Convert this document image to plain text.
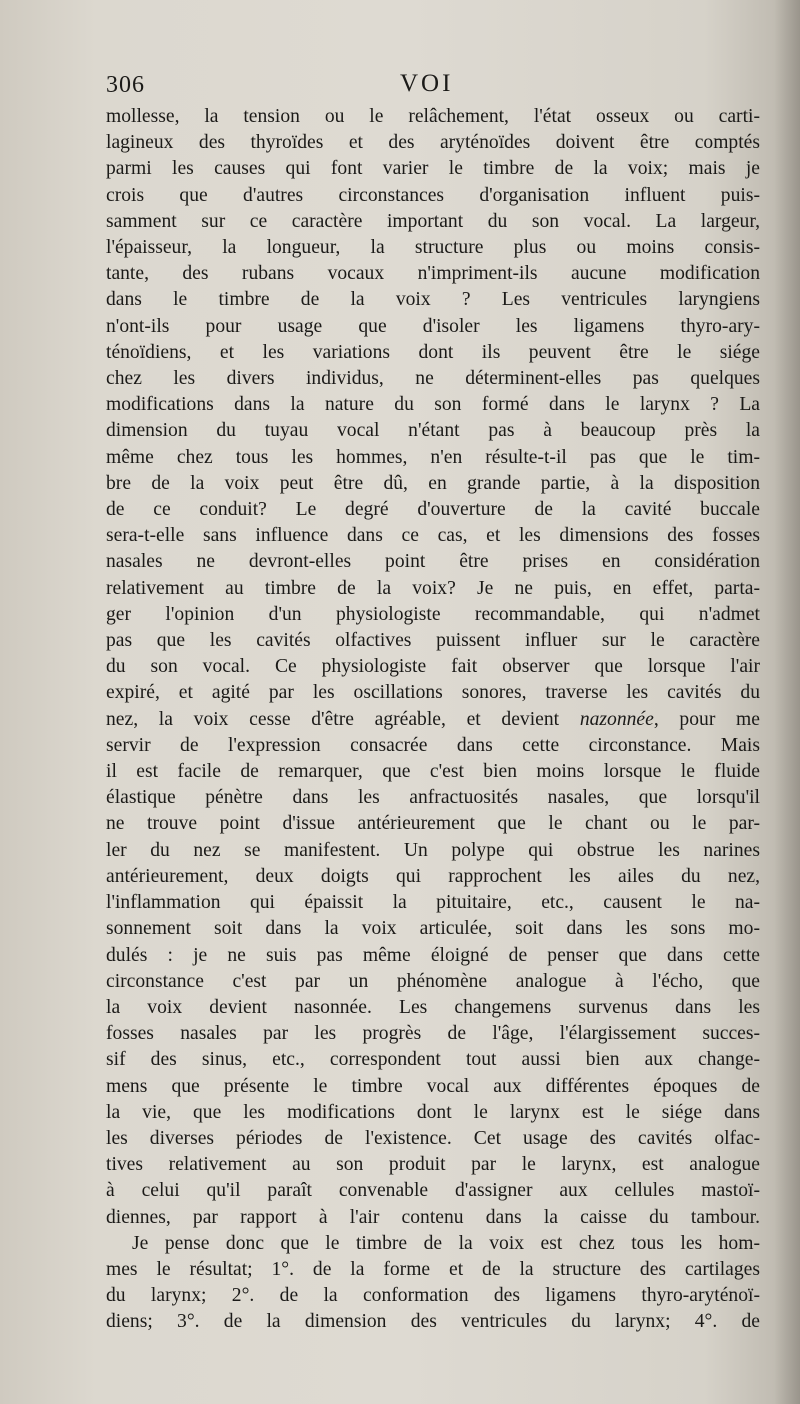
306	VOI
mollesse, la tension ou le relâchement, l'état osseux ou carti-
lagineux des thyroïdes et des aryténoïdes doivent être comptés
parmi les causes qui font varier le timbre de la voix; mais je
crois que d'autres circonstances d'organisation influent puis-
samment sur ce caractère important du son vocal. La largeur,
l'épaisseur, la longueur, la structure plus ou moins consis-
tante, des rubans vocaux n'impriment-ils aucune modification
dans le timbre de la voix ? Les ventricules laryngiens
n'ont-ils pour usage que d'isoler les ligamens thyro-ary-
ténoïdiens, et les variations dont ils peuvent être le siége
chez les divers individus, ne déterminent-elles pas quelques
modifications dans la nature du son formé dans le larynx ? La
dimension du tuyau vocal n'étant pas à beaucoup près la
même chez tous les hommes, n'en résulte-t-il pas que le tim-
bre de la voix peut être dû, en grande partie, à la disposition
de ce conduit? Le degré d'ouverture de la cavité buccale
sera-t-elle sans influence dans ce cas, et les dimensions des fosses
nasales ne devront-elles point être prises en considération
relativement au timbre de la voix? Je ne puis, en effet, parta-
ger l'opinion d'un physiologiste recommandable, qui n'admet
pas que les cavités olfactives puissent influer sur le caractère
du son vocal. Ce physiologiste fait observer que lorsque l'air
expiré, et agité par les oscillations sonores, traverse les cavités du
nez, la voix cesse d'être agréable, et devient nazonnée, pour me
servir de l'expression consacrée dans cette circonstance. Mais
il est facile de remarquer, que c'est bien moins lorsque le fluide
élastique pénètre dans les anfractuosités nasales, que lorsqu'il
ne trouve point d'issue antérieurement que le chant ou le par-
ler du nez se manifestent. Un polype qui obstrue les narines
antérieurement, deux doigts qui rapprochent les ailes du nez,
l'inflammation qui épaissit la pituitaire, etc., causent le na-
sonnement soit dans la voix articulée, soit dans les sons mo-
dulés : je ne suis pas même éloigné de penser que dans cette
circonstance c'est par un phénomène analogue à l'écho, que
la voix devient nasonnée. Les changemens survenus dans les
fosses nasales par les progrès de l'âge, l'élargissement succes-
sif des sinus, etc., correspondent tout aussi bien aux change-
mens que présente le timbre vocal aux différentes époques de
la vie, que les modifications dont le larynx est le siége dans
les diverses périodes de l'existence. Cet usage des cavités olfac-
tives relativement au son produit par le larynx, est analogue
à celui qu'il paraît convenable d'assigner aux cellules mastoï-
diennes, par rapport à l'air contenu dans la caisse du tambour.
Je pense donc que le timbre de la voix est chez tous les hom-
mes le résultat; 1°. de la forme et de la structure des cartilages
du larynx; 2°. de la conformation des ligamens thyro-aryténoï-
diens; 3°. de la dimension des ventricules du larynx; 4°. de
